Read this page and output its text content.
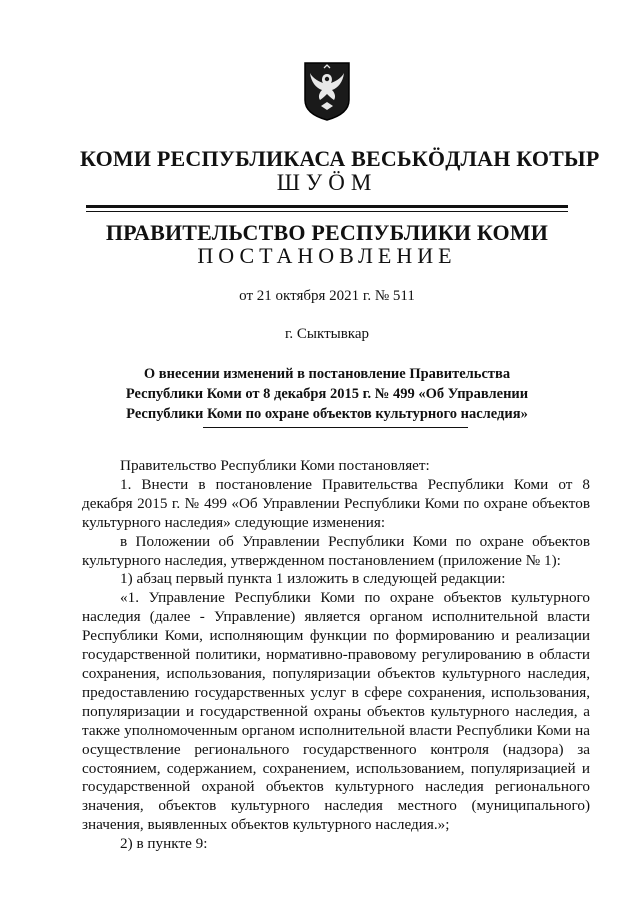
КОМИ РЕСПУБЛИКАСА ВЕСЬКӦДЛАН КОТЫР
ШУӦМ
ПРАВИТЕЛЬСТВО РЕСПУБЛИКИ КОМИ
ПОСТАНОВЛЕНИЕ
от 21 октября 2021 г. № 511
г. Сыктывкар
О внесении изменений в постановление Правительства
Республики Коми от 8 декабря 2015 г. № 499 «Об Управлении
Республики Коми по охране объектов культурного наследия»
Правительство Республики Коми постановляет:
1. Внести в постановление Правительства Республики Коми от 8 декабря 2015 г. № 499 «Об Управлении Республики Коми по охране объектов культурного наследия» следующие изменения:
в Положении об Управлении Республики Коми по охране объектов культурного наследия, утвержденном постановлением (приложение № 1):
1) абзац первый пункта 1 изложить в следующей редакции:
«1. Управление Республики Коми по охране объектов культурного наследия (далее - Управление) является органом исполнительной власти Республики Коми, исполняющим функции по формированию и реализации государственной политики, нормативно-правовому регулированию в области сохранения, использования, популяризации объектов культурного наследия, предоставлению государственных услуг в сфере сохранения, использования, популяризации и государственной охраны объектов культурного наследия, а также уполномоченным органом исполнительной власти Республики Коми на осуществление регионального государственного контроля (надзора) за состоянием, содержанием, сохранением, использованием, популяризацией и государственной охраной объектов культурного наследия регионального значения, объектов культурного наследия местного (муниципального) значения, выявленных объектов культурного наследия.»;
2) в пункте 9:
